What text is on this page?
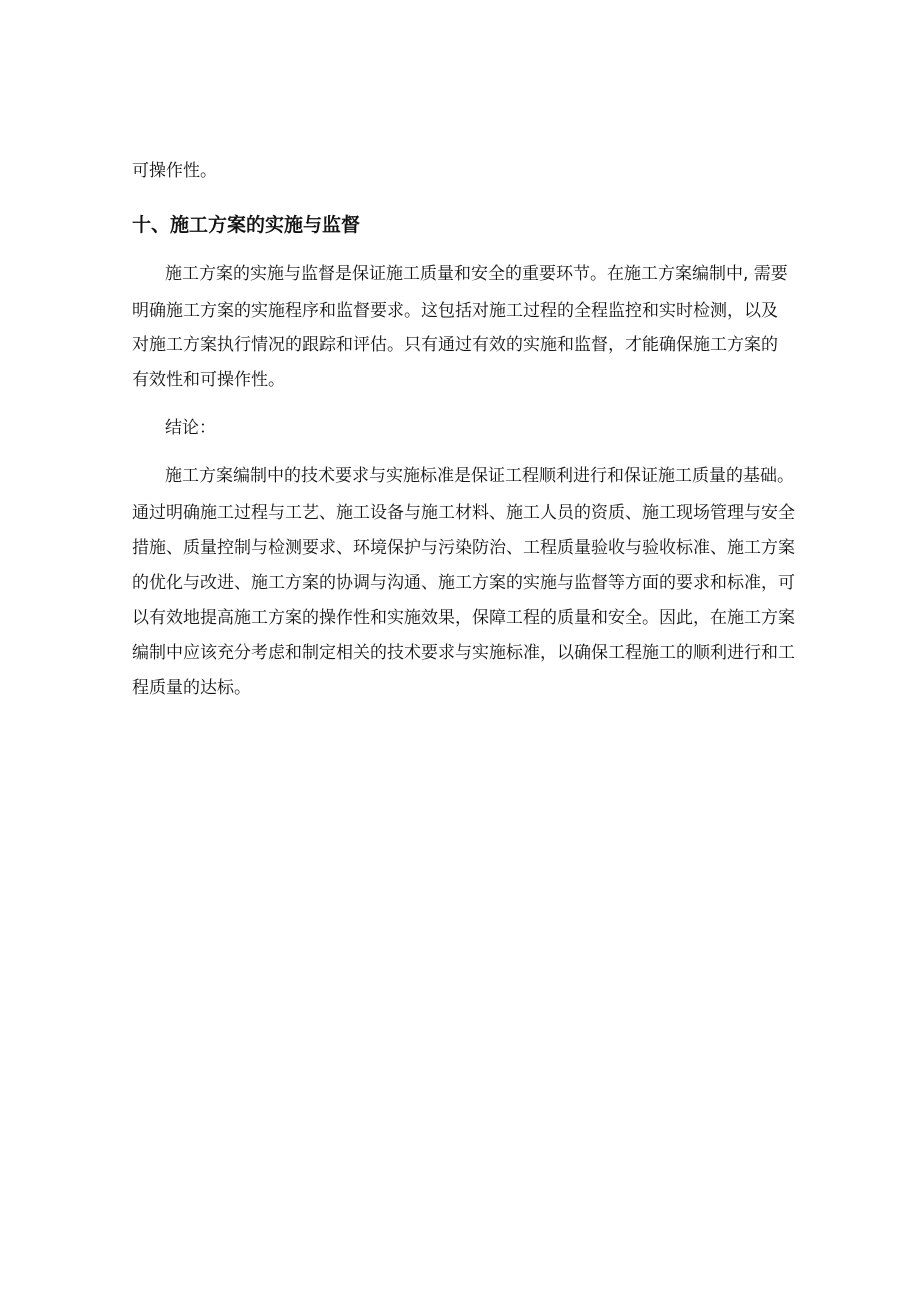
可操作性。
十、施工方案的实施与监督
施工方案的实施与监督是保证施工质量和安全的重要环节。在施工方案编制中, 需要
明确施工方案的实施程序和监督要求。这包括对施工过程的全程监控和实时检测，以及
对施工方案执行情况的跟踪和评估。只有通过有效的实施和监督，才能确保施工方案的
有效性和可操作性。
结论：
施工方案编制中的技术要求与实施标准是保证工程顺利进行和保证施工质量的基础。
通过明确施工过程与工艺、施工设备与施工材料、施工人员的资质、施工现场管理与安全
措施、质量控制与检测要求、环境保护与污染防治、工程质量验收与验收标准、施工方案
的优化与改进、施工方案的协调与沟通、施工方案的实施与监督等方面的要求和标准，可
以有效地提高施工方案的操作性和实施效果，保障工程的质量和安全。因此，在施工方案
编制中应该充分考虑和制定相关的技术要求与实施标准，以确保工程施工的顺利进行和工
程质量的达标。
